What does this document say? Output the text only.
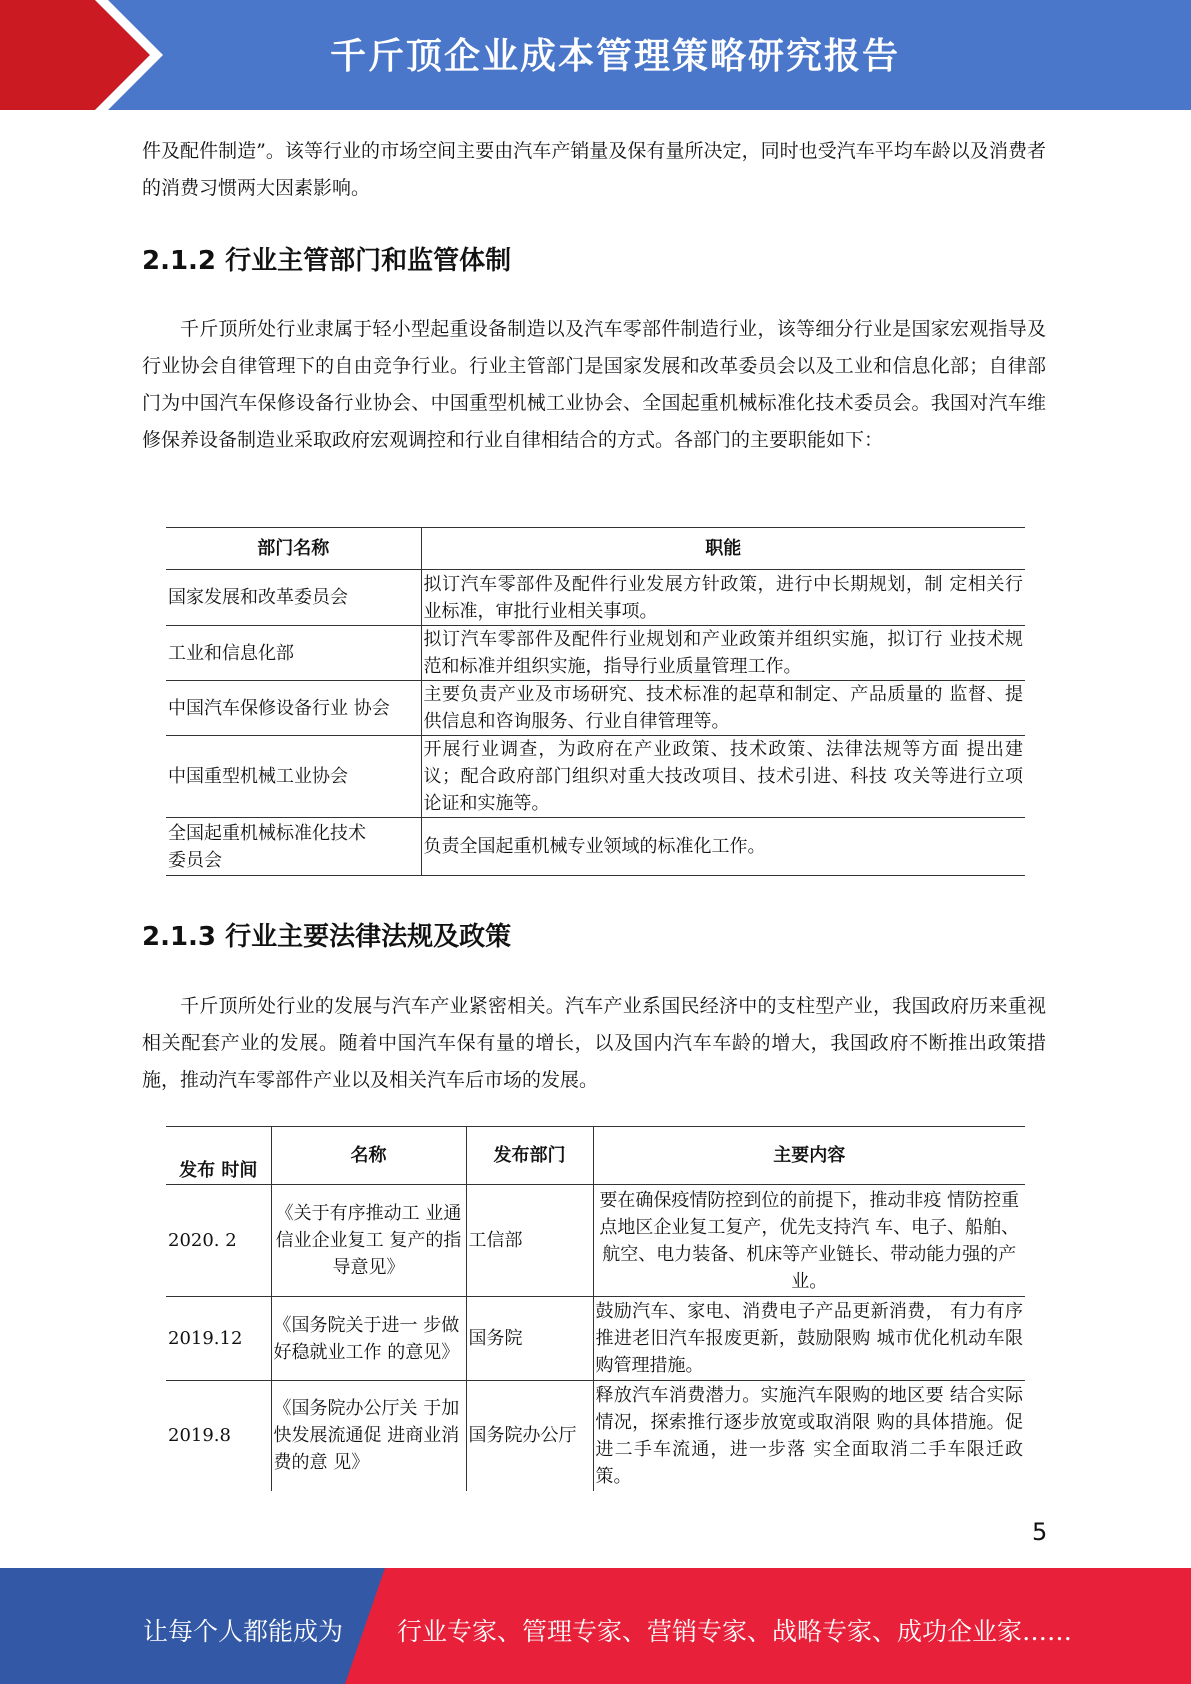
千斤顶企业成本管理策略研究报告

件及配件制造”。该等行业的市场空间主要由汽车产销量及保有量所决定，同时也受汽车平均车龄以及消费者的消费习惯两大因素影响。

2.1.2 行业主管部门和监管体制

千斤顶所处行业隶属于轻小型起重设备制造以及汽车零部件制造行业，该等细分行业是国家宏观指导及行业协会自律管理下的自由竞争行业。行业主管部门是国家发展和改革委员会以及工业和信息化部；自律部门为中国汽车保修设备行业协会、中国重型机械工业协会、全国起重机械标准化技术委员会。我国对汽车维修保养设备制造业采取政府宏观调控和行业自律相结合的方式。各部门的主要职能如下：

部门名称	职能
国家发展和改革委员会	拟订汽车零部件及配件行业发展方针政策，进行中长期规划，制 定相关行业标准，审批行业相关事项。
工业和信息化部	拟订汽车零部件及配件行业规划和产业政策并组织实施，拟订行 业技术规范和标准并组织实施，指导行业质量管理工作。
中国汽车保修设备行业 协会	主要负责产业及市场研究、技术标准的起草和制定、产品质量的 监督、提供信息和咨询服务、行业自律管理等。
中国重型机械工业协会	开展行业调查，为政府在产业政策、技术政策、法律法规等方面 提出建议；配合政府部门组织对重大技改项目、技术引进、科技 攻关等进行立项论证和实施等。
全国起重机械标准化技术委员会	负责全国起重机械专业领域的标准化工作。
2.1.3 行业主要法律法规及政策

千斤顶所处行业的发展与汽车产业紧密相关。汽车产业系国民经济中的支柱型产业，我国政府历来重视相关配套产业的发展。随着中国汽车保有量的增长，以及国内汽车车龄的增大，我国政府不断推出政策措施，推动汽车零部件产业以及相关汽车后市场的发展。

发布 时间	名称	发布部门	主要内容
2020. 2	《关于有序推动工 业通信业企业复工 复产的指导意见》	工信部	要在确保疫情防控到位的前提下，推动非疫 情防控重点地区企业复工复产，优先支持汽 车、电子、船舶、航空、电力装备、机床等产业链长、带动能力强的产业。
2019.12	《国务院关于进一 步做好稳就业工作 的意见》	国务院	鼓励汽车、家电、消费电子产品更新消费， 有力有序推进老旧汽车报废更新，鼓励限购 城市优化机动车限购管理措施。
2019.8	《国务院办公厅关 于加快发展流通促 进商业消费的意 见》	国务院办公厅	释放汽车消费潜力。实施汽车限购的地区要 结合实际情况，探索推行逐步放宽或取消限 购的具体措施。促进二手车流通，进一步落 实全面取消二手车限迁政策。
5
让每个人都能成为 行业专家、管理专家、营销专家、战略专家、成功企业家……
